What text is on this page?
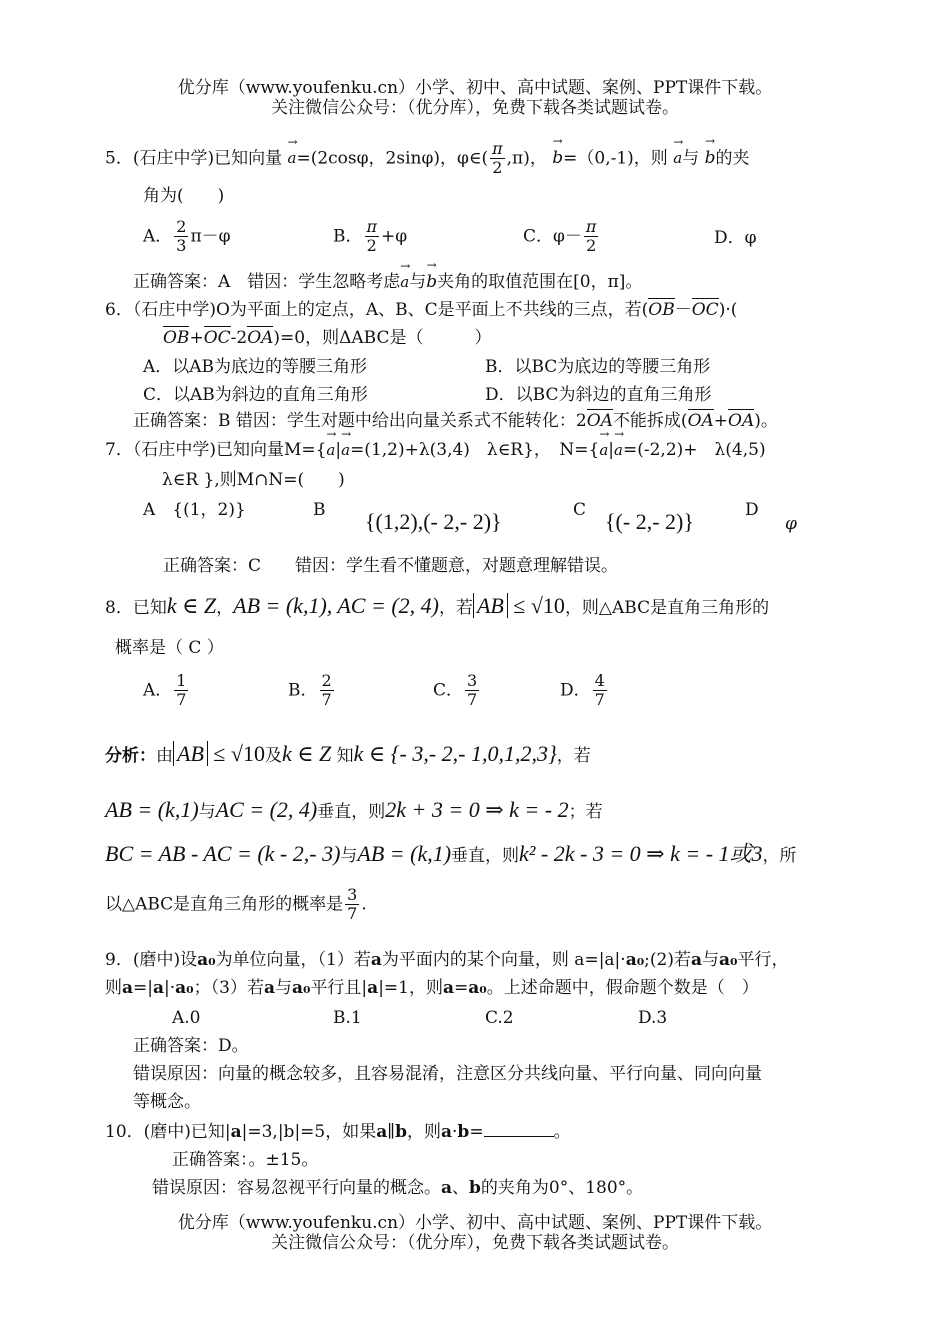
优分库（www.youfenku.cn）小学、初中、高中试题、案例、PPT课件下载。
关注微信公众号：（优分库），免费下载各类试题试卷。
5．(石庄中学)已知向量 → a=(2cosφ，2sinφ)，φ∈( $\frac{\pi}{2} ,\pi$)， → b=（0,-1)，则 → a与 → b的夹
角为(　　)
A． $\frac{2}{3} \pi-\varphi$	B． $\frac{\pi}{2} +\varphi$	C．$\varphi- \frac{\pi}{2}$	D．φ
正确答案：A　错因：学生忽略考虑→ a与→ b夹角的取值范围在[0，π]。
6．（石庄中学)O为平面上的定点，A、B、C是平面上不共线的三点，若(OB－OC)·(
OB+OC-2OA)=0，则ΔABC是（　　　）
A．以AB为底边的等腰三角形	B．以BC为底边的等腰三角形
C．以AB为斜边的直角三角形	D．以BC为斜边的直角三角形
正确答案：B 错因：学生对题中给出向量关系式不能转化：2OA不能拆成(OA+OA)。
7．（石庄中学)已知向量M={→ a|→ a=(1,2)+λ(3,4)　λ∈R}，　N={→ a|→ a=(-2,2)+　λ(4,5)
λ∈R },则M∩N=(　　)
A　 {(1，2)}	B {(1,2),(- 2,- 2)}	C {(- 2,- 2)}	D
φ
正确答案：C　　错因：学生看不懂题意，对题意理解错误。
8．已知k ∈ Z，AB = (k,1), AC = (2, 4)，若 AB ≤ √10，则△ABC是直角三角形的
概率是（ C ）
A． $\frac{1}{7}$	B． $\frac{2}{7}$	C． $\frac{3}{7}$	D． $\frac{4}{7}$
分析：由 AB ≤ √10及k ∈ Z 知k ∈ {- 3,- 2,- 1,0,1,2,3}，若
AB = (k,1)与AC = (2, 4)垂直，则2k + 3 = 0 ⇒ k = - 2；若
BC = AB - AC = (k - 2,- 3)与AB = (k,1)垂直，则k² - 2k - 3 = 0 ⇒ k = - 1或3，所
以△ABC是直角三角形的概率是 $\frac{3}{7}$ .
9．(磨中)设a₀为单位向量，（1）若a为平面内的某个向量，则 a=|a|·a₀;(2)若a与a₀平行，
则a=|a|·a₀；（3）若a与a₀平行且|a|=1，则a=a₀。上述命题中，假命题个数是（　）
A.0	B.1	C.2	D.3
正确答案：D。
错误原因：向量的概念较多，且容易混淆，注意区分共线向量、平行向量、同向向量
等概念。
10．(磨中)已知|a|=3,|b|=5，如果a∥b，则a·b=	。
正确答案：。±15。
错误原因：容易忽视平行向量的概念。a、b的夹角为0°、180°。
优分库（www.youfenku.cn）小学、初中、高中试题、案例、PPT课件下载。
关注微信公众号：（优分库），免费下载各类试题试卷。
